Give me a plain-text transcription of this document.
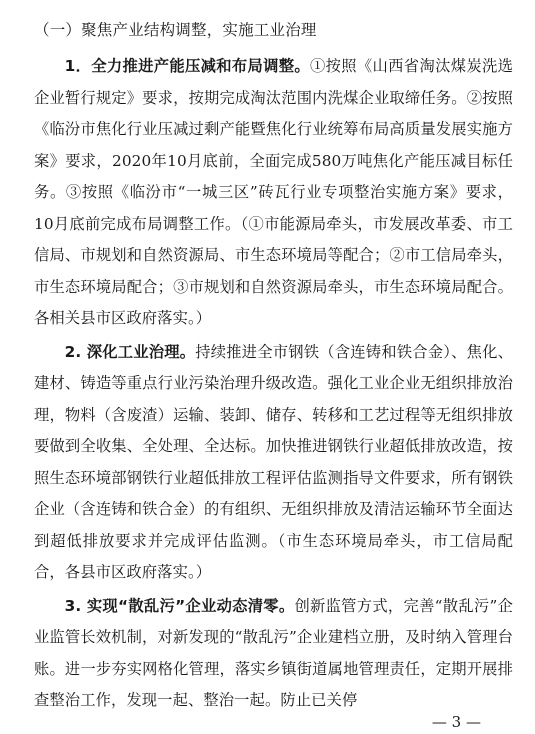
（一）聚焦产业结构调整，实施工业治理

1．全力推进产能压减和布局调整。①按照《山西省淘汰煤炭洗选企业暂行规定》要求，按期完成淘汰范围内洗煤企业取缔任务。②按照《临汾市焦化行业压减过剩产能暨焦化行业统筹布局高质量发展实施方案》要求，2020年10月底前，全面完成580万吨焦化产能压减目标任务。③按照《临汾市“一城三区”砖瓦行业专项整治实施方案》要求，10月底前完成布局调整工作。（①市能源局牵头，市发展改革委、市工信局、市规划和自然资源局、市生态环境局等配合；②市工信局牵头，市生态环境局配合；③市规划和自然资源局牵头，市生态环境局配合。各相关县市区政府落实。）

2. 深化工业治理。持续推进全市钢铁（含连铸和铁合金）、焦化、建材、铸造等重点行业污染治理升级改造。强化工业企业无组织排放治理，物料（含废渣）运输、装卸、储存、转移和工艺过程等无组织排放要做到全收集、全处理、全达标。加快推进钢铁行业超低排放改造，按照生态环境部钢铁行业超低排放工程评估监测指导文件要求，所有钢铁企业（含连铸和铁合金）的有组织、无组织排放及清洁运输环节全面达到超低排放要求并完成评估监测。（市生态环境局牵头，市工信局配合，各县市区政府落实。）

3. 实现“散乱污”企业动态清零。创新监管方式，完善“散乱污”企业监管长效机制，对新发现的“散乱污”企业建档立册，及时纳入管理台账。进一步夯实网格化管理，落实乡镇街道属地管理责任，定期开展排查整治工作，发现一起、整治一起。防止已关停

— 3 —
